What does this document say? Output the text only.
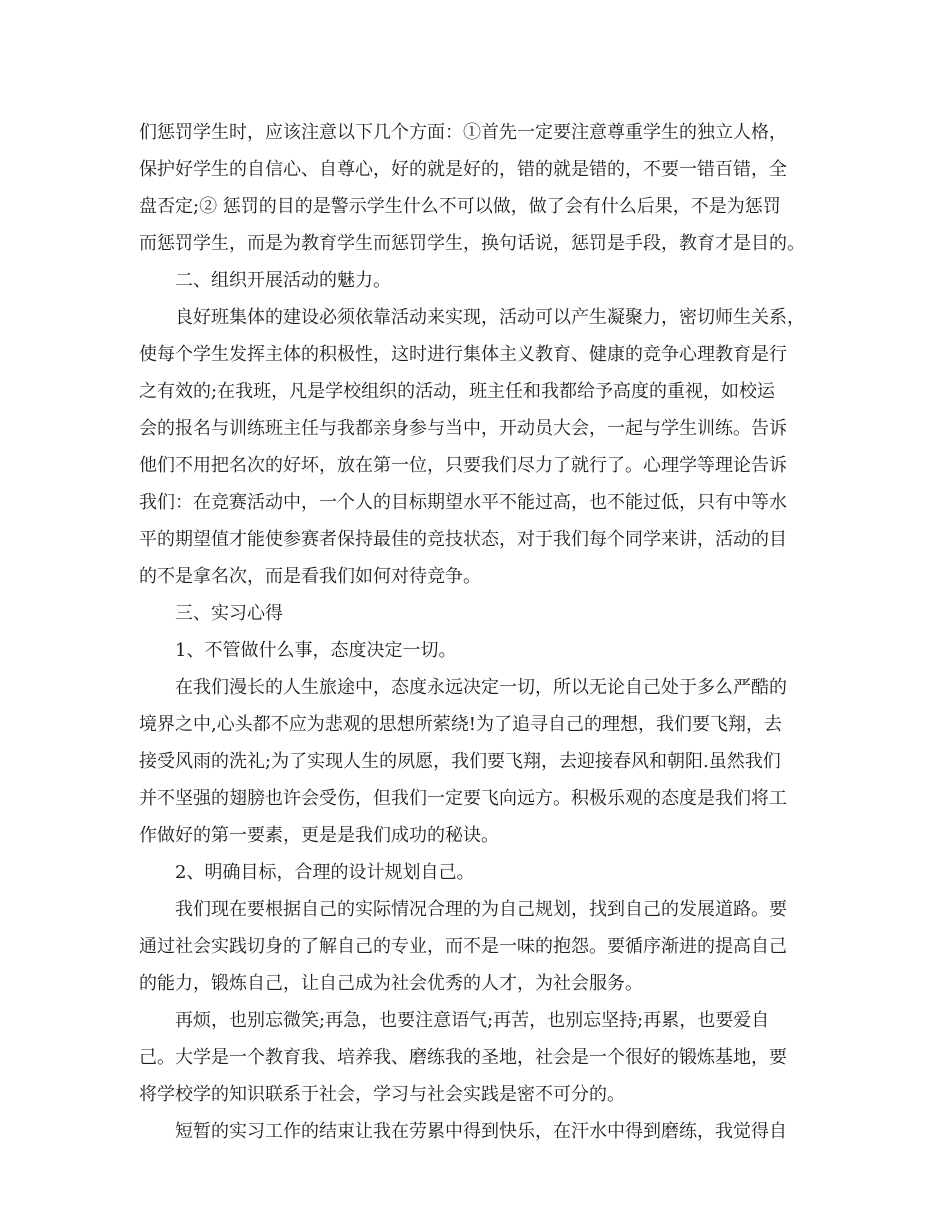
们惩罚学生时，应该注意以下几个方面：①首先一定要注意尊重学生的独立人格，
保护好学生的自信心、自尊心，好的就是好的，错的就是错的，不要一错百错，全
盘否定;② 惩罚的目的是警示学生什么不可以做，做了会有什么后果，不是为惩罚
而惩罚学生，而是为教育学生而惩罚学生，换句话说，惩罚是手段，教育才是目的。
二、组织开展活动的魅力。
良好班集体的建设必须依靠活动来实现，活动可以产生凝聚力，密切师生关系，
使每个学生发挥主体的积极性，这时进行集体主义教育、健康的竞争心理教育是行
之有效的;在我班，凡是学校组织的活动，班主任和我都给予高度的重视，如校运
会的报名与训练班主任与我都亲身参与当中，开动员大会，一起与学生训练。告诉
他们不用把名次的好坏，放在第一位，只要我们尽力了就行了。心理学等理论告诉
我们：在竞赛活动中，一个人的目标期望水平不能过高，也不能过低，只有中等水
平的期望值才能使参赛者保持最佳的竞技状态，对于我们每个同学来讲，活动的目
的不是拿名次，而是看我们如何对待竞争。
三、实习心得
1、不管做什么事，态度决定一切。
在我们漫长的人生旅途中，态度永远决定一切，所以无论自己处于多么严酷的
境界之中,心头都不应为悲观的思想所萦绕!为了追寻自己的理想，我们要飞翔，去
接受风雨的洗礼;为了实现人生的夙愿，我们要飞翔，去迎接春风和朝阳.虽然我们
并不坚强的翅膀也许会受伤，但我们一定要飞向远方。积极乐观的态度是我们将工
作做好的第一要素，更是是我们成功的秘诀。
2、明确目标，合理的设计规划自己。
我们现在要根据自己的实际情况合理的为自己规划，找到自己的发展道路。要
通过社会实践切身的了解自己的专业，而不是一味的抱怨。要循序渐进的提高自己
的能力，锻炼自己，让自己成为社会优秀的人才，为社会服务。
再烦，也别忘微笑;再急，也要注意语气;再苦，也别忘坚持;再累，也要爱自
己。大学是一个教育我、培养我、磨练我的圣地，社会是一个很好的锻炼基地，要
将学校学的知识联系于社会，学习与社会实践是密不可分的。
短暂的实习工作的结束让我在劳累中得到快乐，在汗水中得到磨练，我觉得自
